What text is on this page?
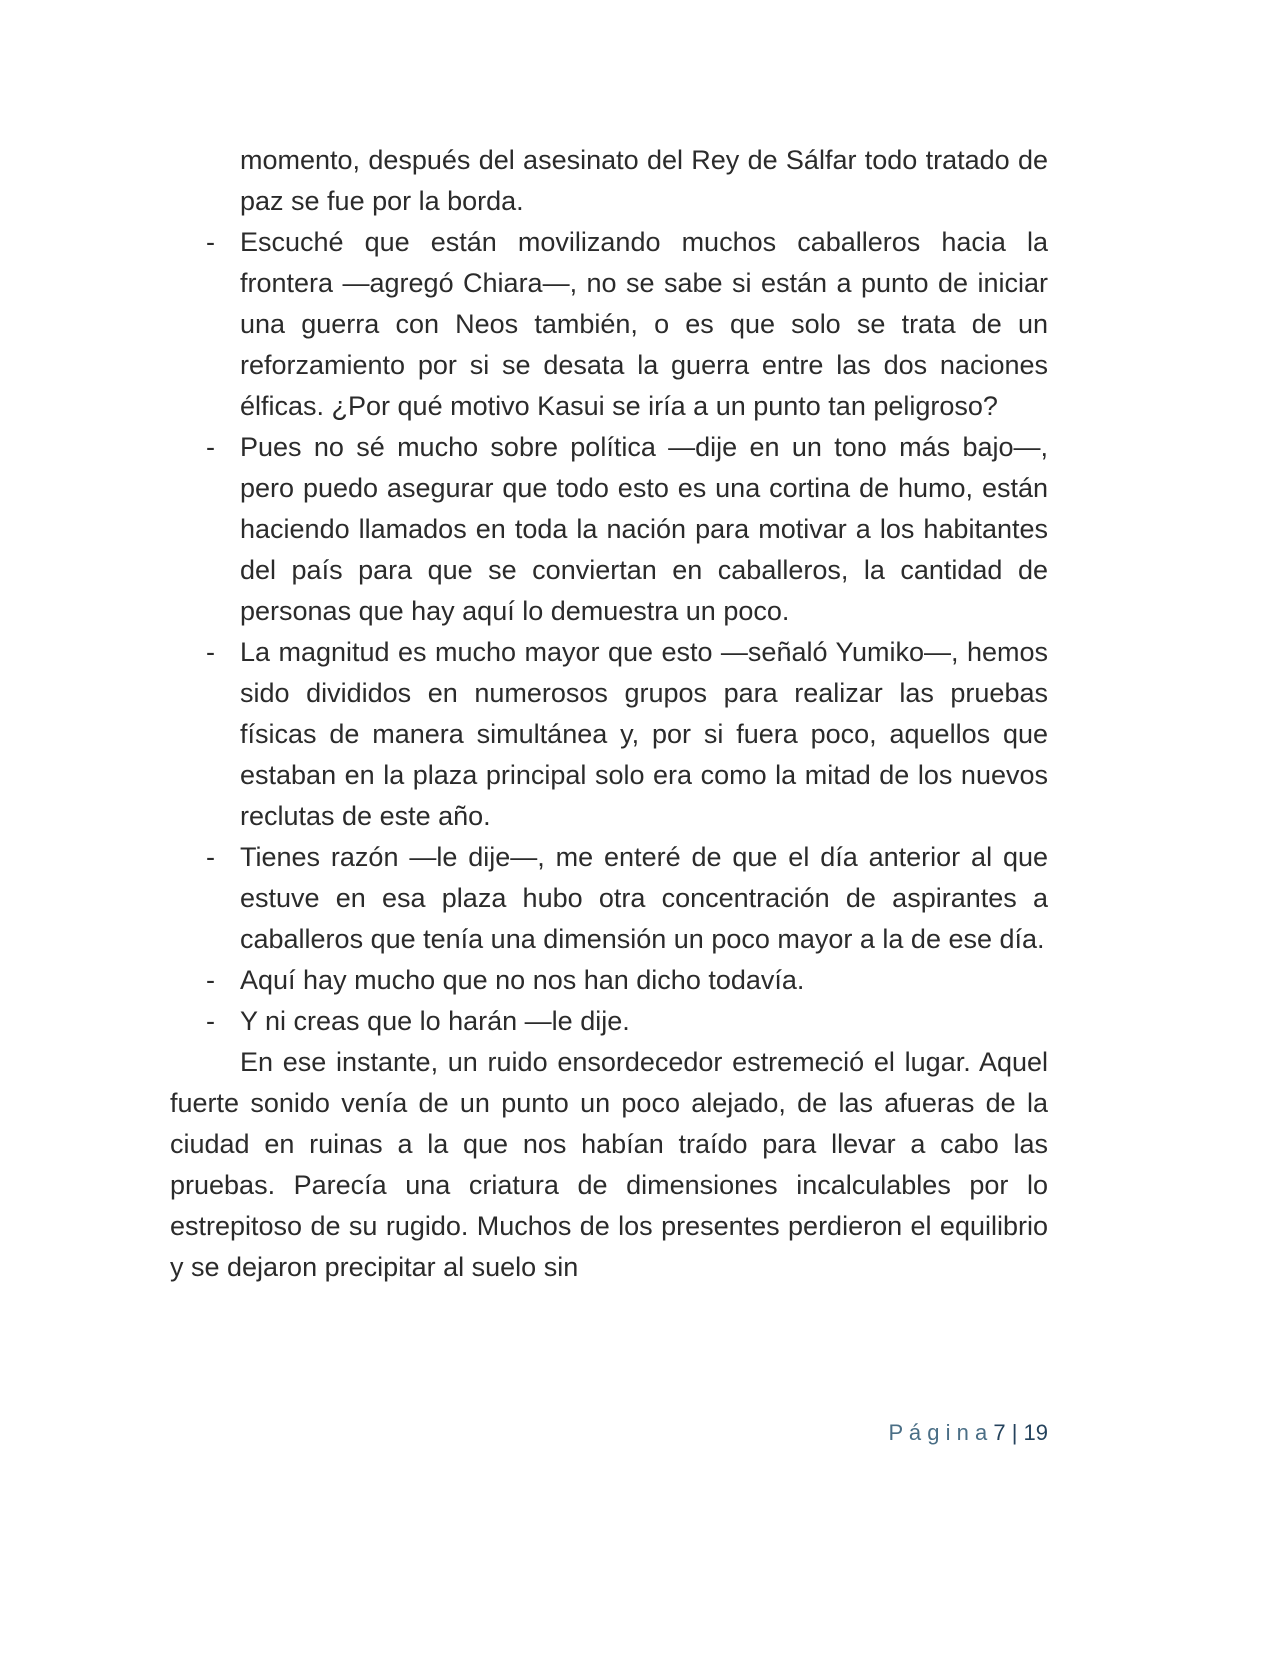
momento, después del asesinato del Rey de Sálfar todo tratado de paz se fue por la borda.
- Escuché que están movilizando muchos caballeros hacia la frontera —agregó Chiara—, no se sabe si están a punto de iniciar una guerra con Neos también, o es que solo se trata de un reforzamiento por si se desata la guerra entre las dos naciones élficas. ¿Por qué motivo Kasui se iría a un punto tan peligroso?
- Pues no sé mucho sobre política —dije en un tono más bajo—, pero puedo asegurar que todo esto es una cortina de humo, están haciendo llamados en toda la nación para motivar a los habitantes del país para que se conviertan en caballeros, la cantidad de personas que hay aquí lo demuestra un poco.
- La magnitud es mucho mayor que esto —señaló Yumiko—, hemos sido divididos en numerosos grupos para realizar las pruebas físicas de manera simultánea y, por si fuera poco, aquellos que estaban en la plaza principal solo era como la mitad de los nuevos reclutas de este año.
- Tienes razón —le dije—, me enteré de que el día anterior al que estuve en esa plaza hubo otra concentración de aspirantes a caballeros que tenía una dimensión un poco mayor a la de ese día.
- Aquí hay mucho que no nos han dicho todavía.
- Y ni creas que lo harán —le dije.
En ese instante, un ruido ensordecedor estremeció el lugar. Aquel fuerte sonido venía de un punto un poco alejado, de las afueras de la ciudad en ruinas a la que nos habían traído para llevar a cabo las pruebas. Parecía una criatura de dimensiones incalculables por lo estrepitoso de su rugido. Muchos de los presentes perdieron el equilibrio y se dejaron precipitar al suelo sin
P á g i n a 7 | 19
